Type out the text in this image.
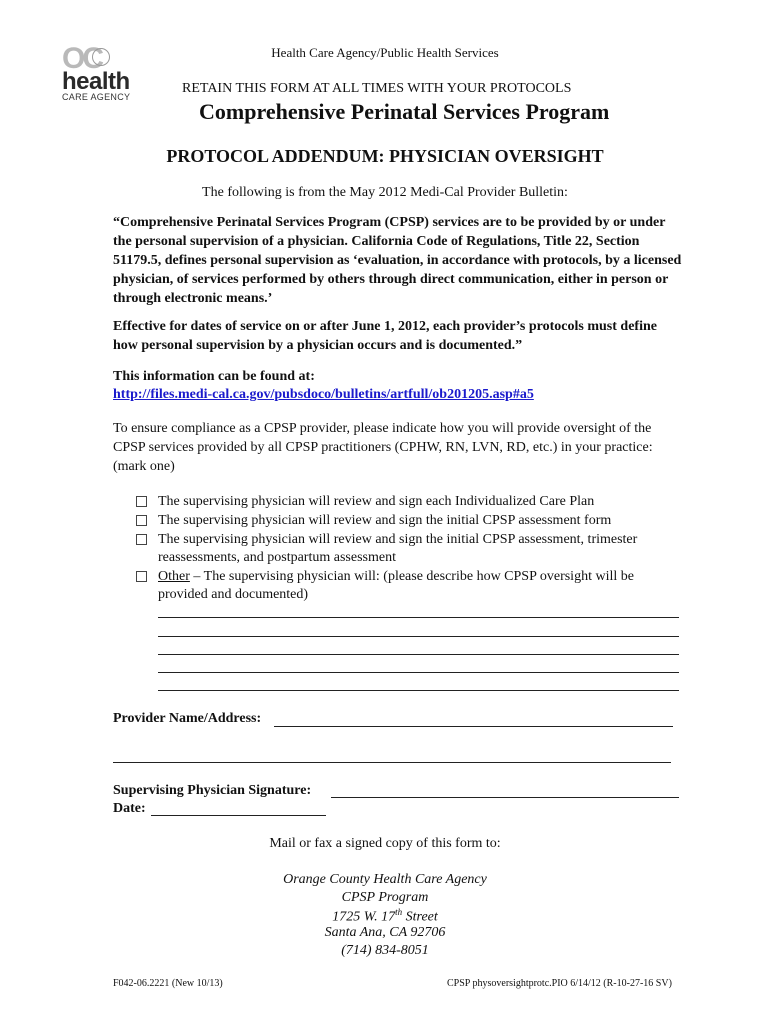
OC
health
CARE AGENCY
Health Care Agency/Public Health Services
RETAIN THIS FORM AT ALL TIMES WITH YOUR PROTOCOLS
Comprehensive Perinatal Services Program
PROTOCOL ADDENDUM: PHYSICIAN OVERSIGHT
The following is from the May 2012 Medi-Cal Provider Bulletin:
“Comprehensive Perinatal Services Program (CPSP) services are to be provided by or under the personal supervision of a physician. California Code of Regulations, Title 22, Section 51179.5, defines personal supervision as ‘evaluation, in accordance with protocols, by a licensed physician, of services performed by others through direct communication, either in person or through electronic means.’
Effective for dates of service on or after June 1, 2012, each provider’s protocols must define how personal supervision by a physician occurs and is documented.”
This information can be found at:
http://files.medi-cal.ca.gov/pubsdoco/bulletins/artfull/ob201205.asp#a5
To ensure compliance as a CPSP provider, please indicate how you will provide oversight of the CPSP services provided by all CPSP practitioners (CPHW, RN, LVN, RD, etc.) in your practice: (mark one)
The supervising physician will review and sign each Individualized Care Plan
The supervising physician will review and sign the initial CPSP assessment form
The supervising physician will review and sign the initial CPSP assessment, trimester reassessments, and postpartum assessment
Other – The supervising physician will: (please describe how CPSP oversight will be provided and documented)
Provider Name/Address:
Supervising Physician Signature:
Date:
Mail or fax a signed copy of this form to:
Orange County Health Care Agency
CPSP Program
1725 W. 17th Street
Santa Ana, CA 92706
(714) 834-8051
F042-06.2221 (New 10/13)	CPSP physoversightprotc.PIO 6/14/12 (R-10-27-16 SV)
